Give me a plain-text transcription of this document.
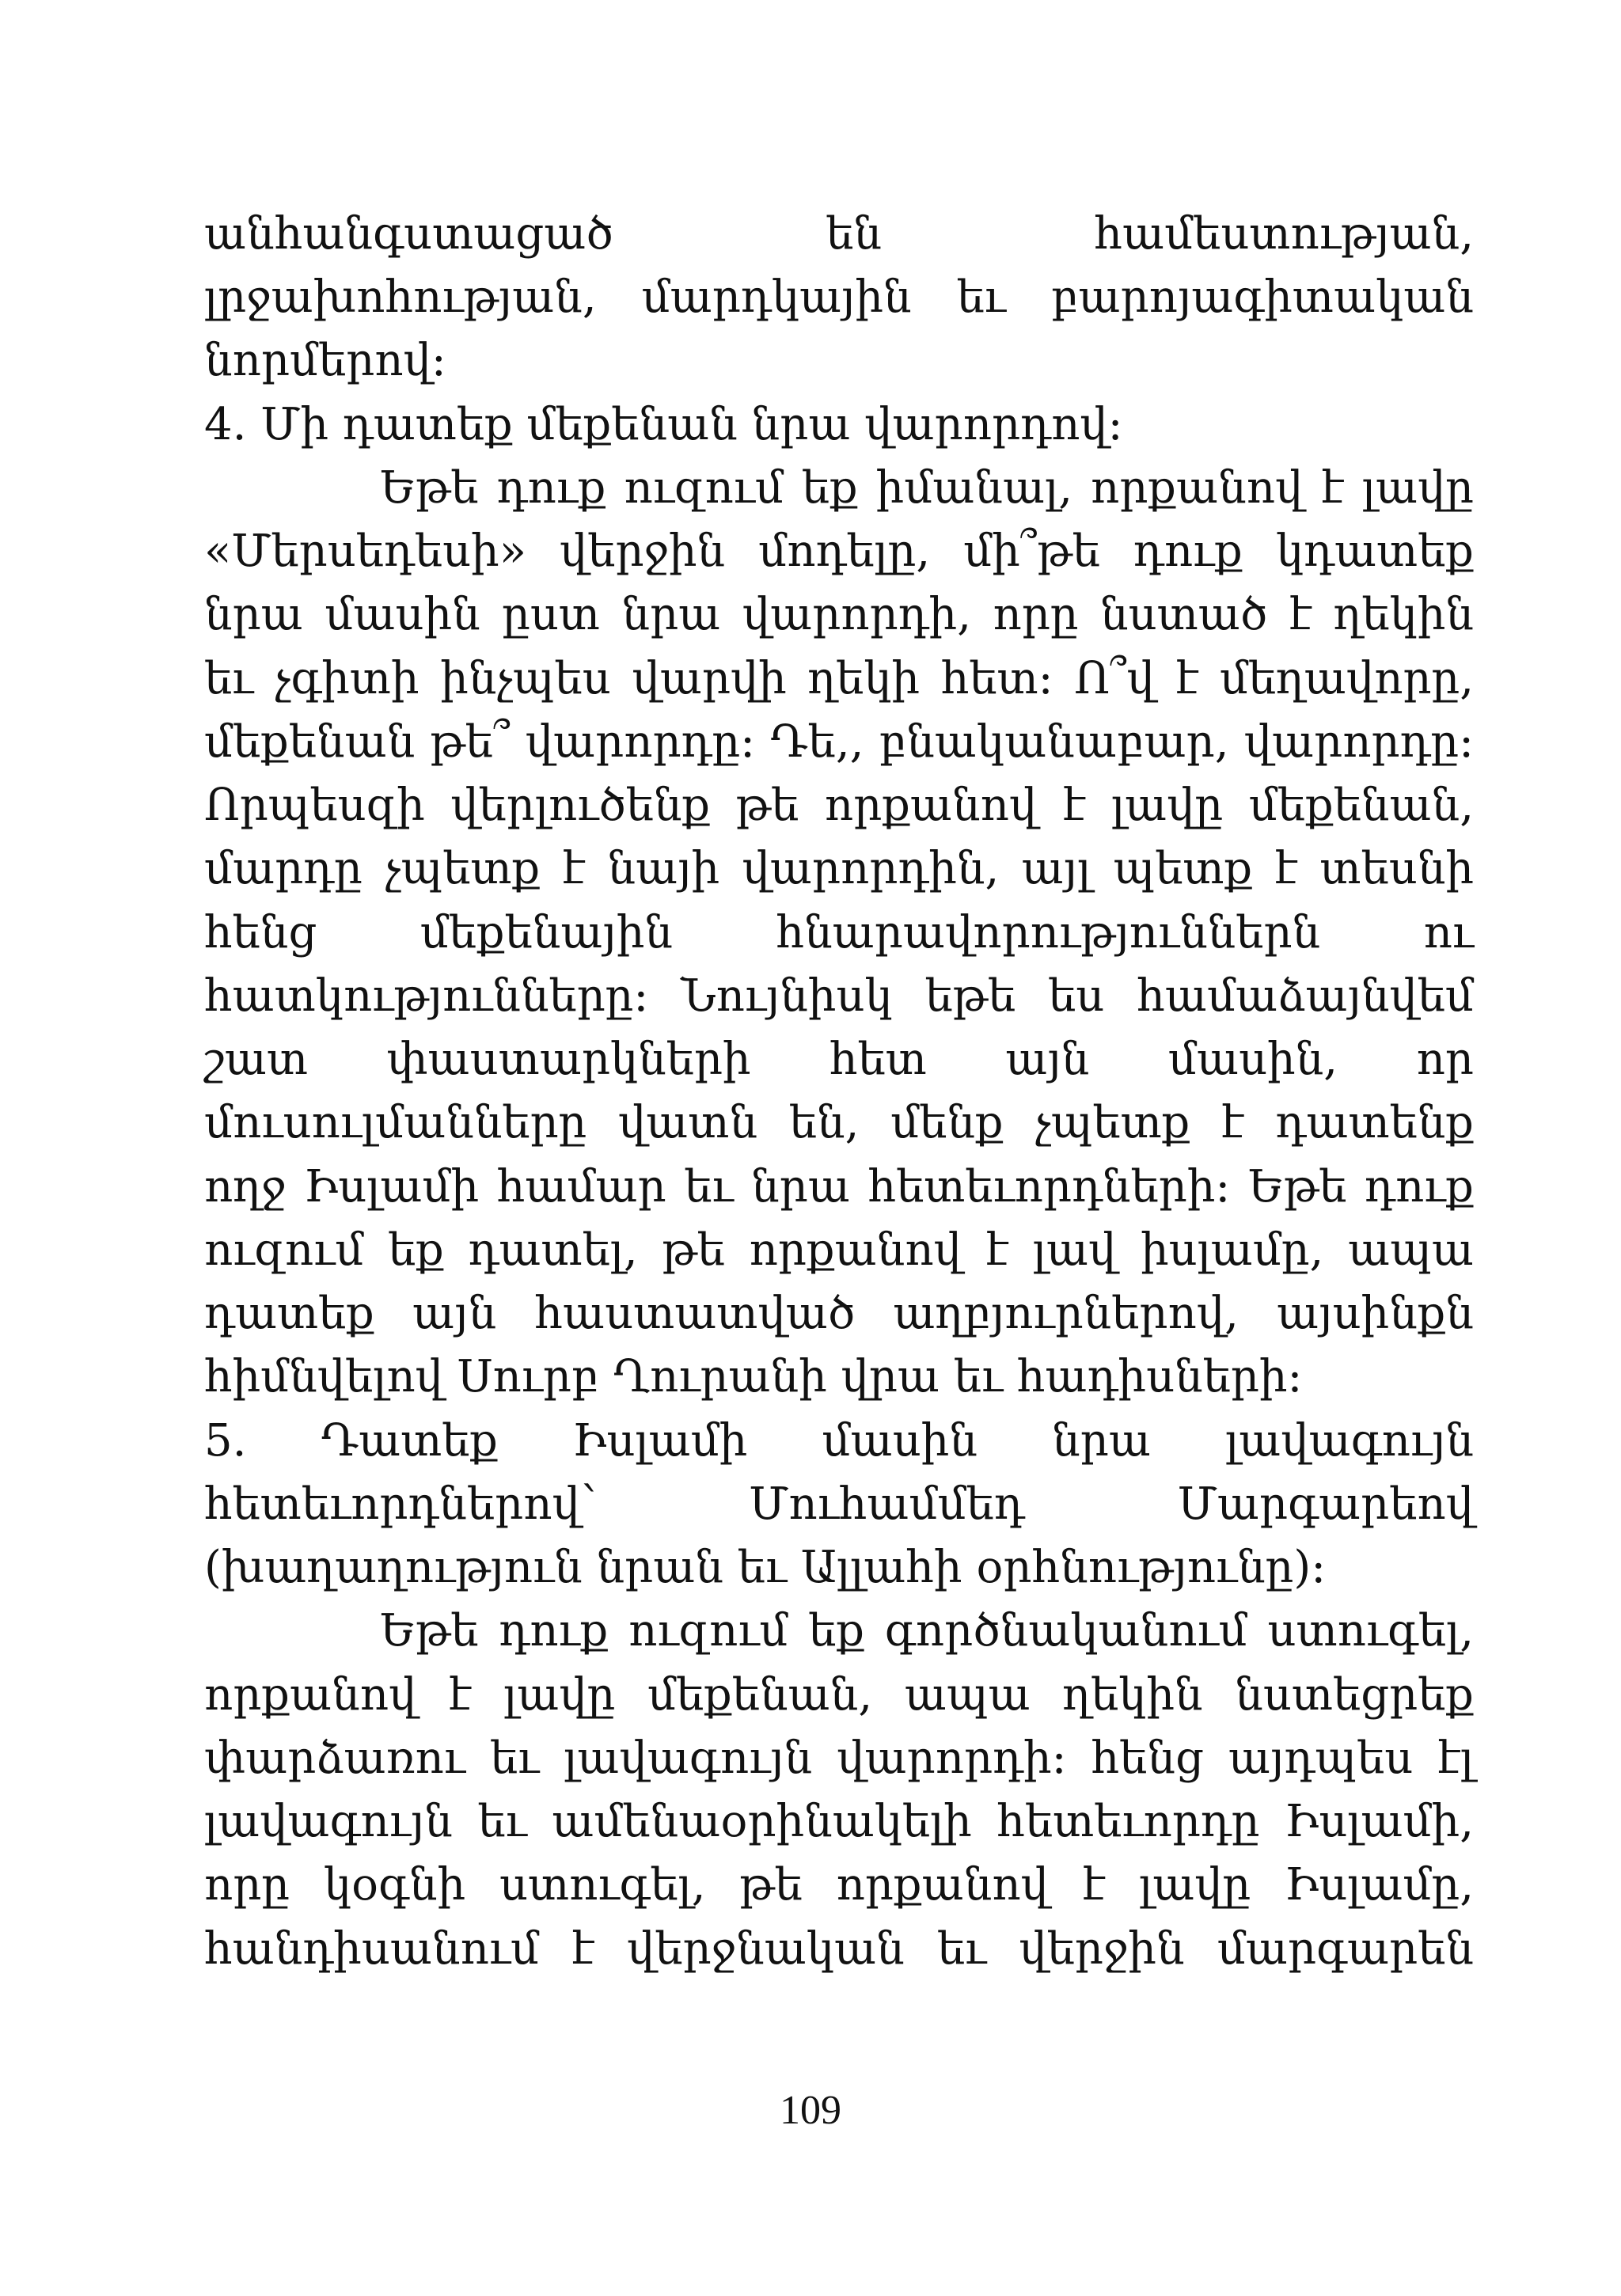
անհանգստացած են համեստության,
լրջախոհության, մարդկային եւ բարոյագիտական
նորմերով:
4. Մի դատեք մեքենան նրա վարորդով:
Եթե դուք ուզում եք իմանալ, որքանով է լավը
«Մերսեդեսի» վերջին մոդելը, մի՞թե դուք կդատեք
նրա մասին ըստ նրա վարորդի, որը նստած է ղեկին
եւ չգիտի ինչպես վարվի ղեկի հետ: Ո՞վ է մեղավորը,
մեքենան թե՞ վարորդը: Դե,, բնականաբար, վարորդը:
Որպեսզի վերլուծենք թե որքանով է լավը մեքենան,
մարդը չպետք է նայի վարորդին, այլ պետք է տեսնի
հենց մեքենային հնարավորություններն ու
հատկությունները: Նույնիսկ եթե ես համաձայնվեմ
շատ փաստարկների հետ այն մասին, որ
մուսուլմանները վատն են, մենք չպետք է դատենք
ողջ Իսլամի համար եւ նրա հետեւորդների: Եթե դուք
ուզում եք դատել, թե որքանով է լավ իսլամը, ապա
դատեք այն հաստատված աղբյուրներով, այսինքն
հիմնվելով Սուրբ Ղուրանի վրա եւ հադիսների:
5. Դատեք Իսլամի մասին նրա լավագույն
հետեւորդներով՝ Մուհամմեդ Մարգարեով
(խաղաղություն նրան եւ Ալլահի օրհնությունը):
Եթե դուք ուզում եք գործնականում ստուգել,
որքանով է լավը մեքենան, ապա ղեկին նստեցրեք
փարձառու եւ լավագույն վարորդի: հենց այդպես էլ
լավագույն եւ ամենաօրինակելի հետեւորդը Իսլամի,
որը կօգնի ստուգել, թե որքանով է լավը Իսլամը,
հանդիսանում է վերջնական եւ վերջին մարգարեն
109
